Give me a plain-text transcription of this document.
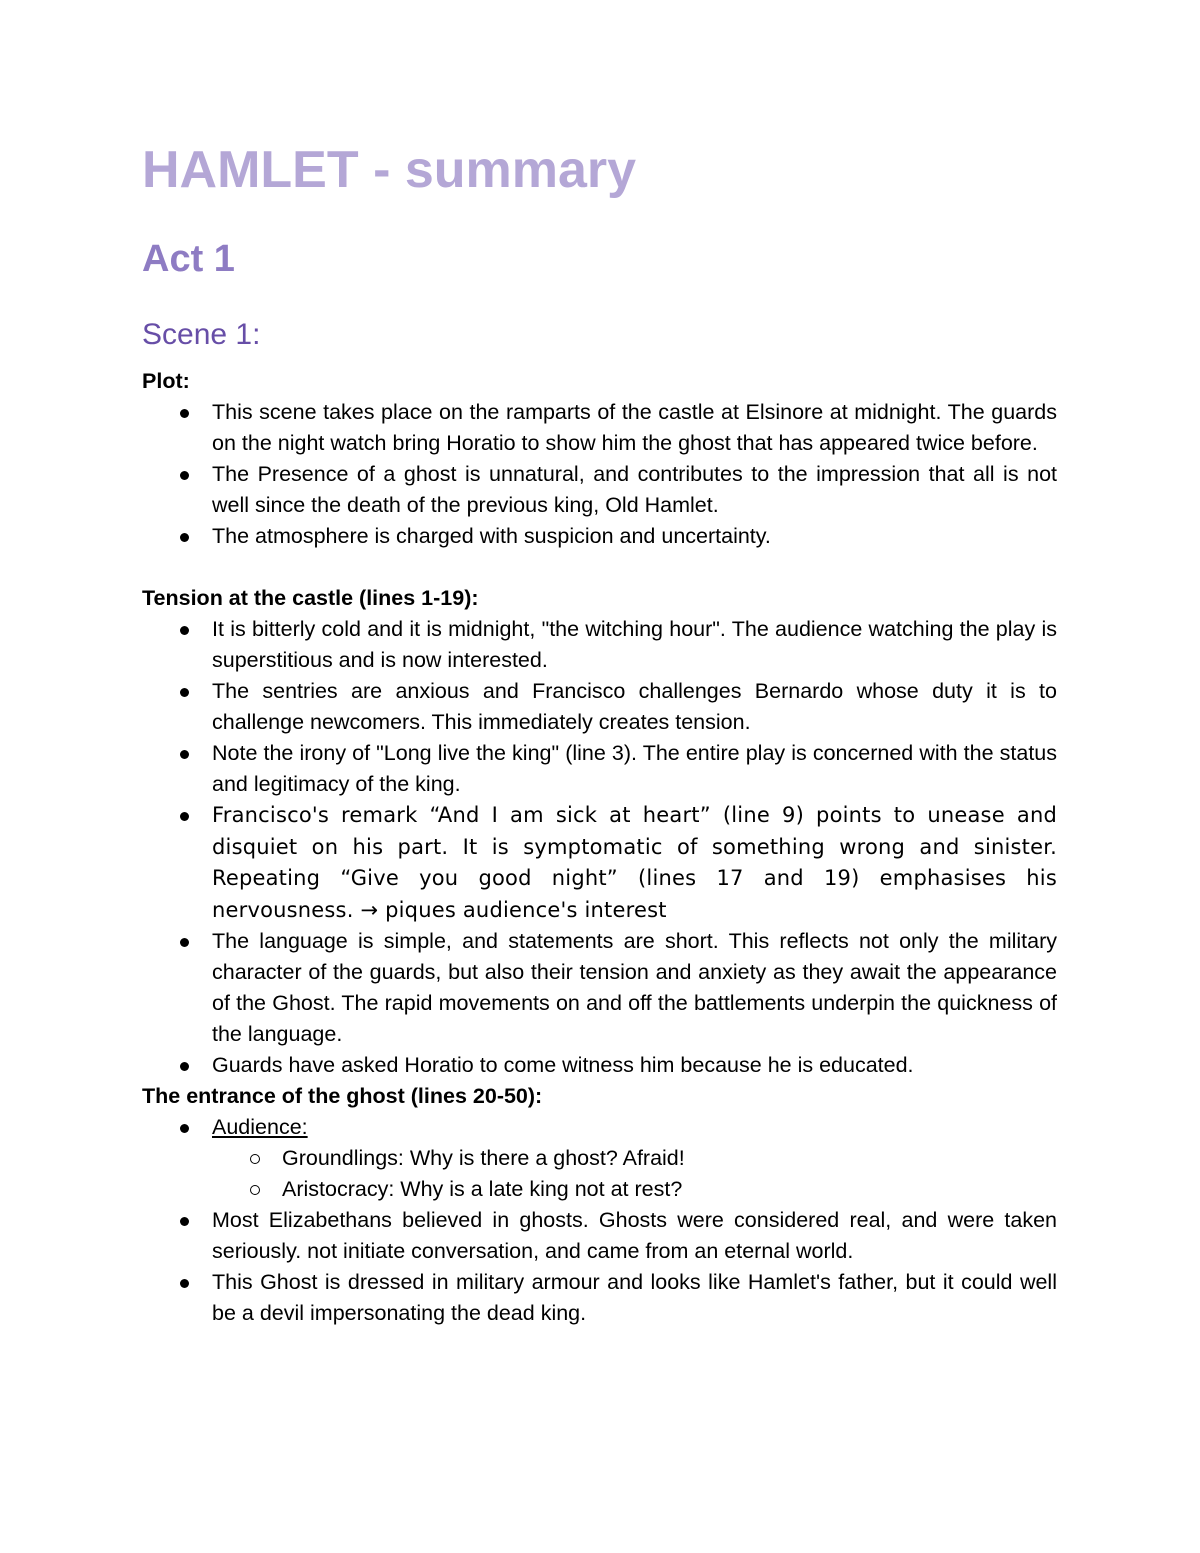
HAMLET - summary
Act 1
Scene 1:
Plot:
This scene takes place on the ramparts of the castle at Elsinore at midnight. The guards on the night watch bring Horatio to show him the ghost that has appeared twice before.
The Presence of a ghost is unnatural, and contributes to the impression that all is not well since the death of the previous king, Old Hamlet.
The atmosphere is charged with suspicion and uncertainty.
Tension at the castle (lines 1-19):
It is bitterly cold and it is midnight, "the witching hour". The audience watching the play is superstitious and is now interested.
The sentries are anxious and Francisco challenges Bernardo whose duty it is to challenge newcomers. This immediately creates tension.
Note the irony of "Long live the king" (line 3). The entire play is concerned with the status and legitimacy of the king.
Francisco's remark “And I am sick at heart” (line 9) points to unease and disquiet on his part. It is symptomatic of something wrong and sinister. Repeating “Give you good night” (lines 17 and 19) emphasises his nervousness. → piques audience's interest
The language is simple, and statements are short. This reflects not only the military character of the guards, but also their tension and anxiety as they await the appearance of the Ghost. The rapid movements on and off the battlements underpin the quickness of the language.
Guards have asked Horatio to come witness him because he is educated.
The entrance of the ghost (lines 20-50):
Audience:
Groundlings: Why is there a ghost? Afraid!
Aristocracy: Why is a late king not at rest?
Most Elizabethans believed in ghosts. Ghosts were considered real, and were taken seriously. not initiate conversation, and came from an eternal world.
This Ghost is dressed in military armour and looks like Hamlet's father, but it could well be a devil impersonating the dead king.
